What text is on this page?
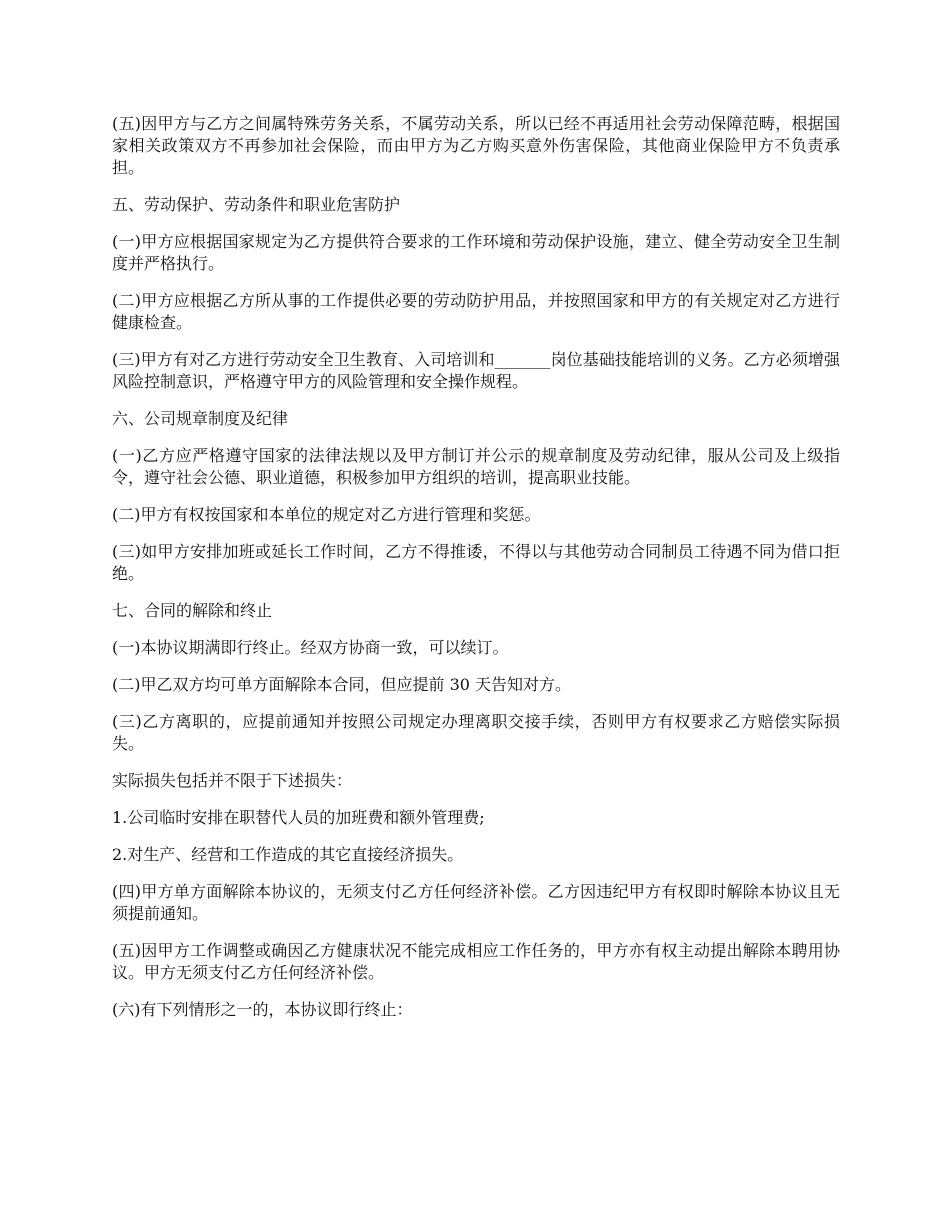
(五)因甲方与乙方之间属特殊劳务关系，不属劳动关系，所以已经不再适用社会劳动保障范畴，根据国家相关政策双方不再参加社会保险，而由甲方为乙方购买意外伤害保险，其他商业保险甲方不负责承担。

五、劳动保护、劳动条件和职业危害防护

(一)甲方应根据国家规定为乙方提供符合要求的工作环境和劳动保护设施，建立、健全劳动安全卫生制度并严格执行。

(二)甲方应根据乙方所从事的工作提供必要的劳动防护用品，并按照国家和甲方的有关规定对乙方进行健康检查。

(三)甲方有对乙方进行劳动安全卫生教育、入司培训和_______岗位基础技能培训的义务。乙方必须增强风险控制意识，严格遵守甲方的风险管理和安全操作规程。

六、公司规章制度及纪律

(一)乙方应严格遵守国家的法律法规以及甲方制订并公示的规章制度及劳动纪律，服从公司及上级指令，遵守社会公德、职业道德，积极参加甲方组织的培训，提高职业技能。

(二)甲方有权按国家和本单位的规定对乙方进行管理和奖惩。

(三)如甲方安排加班或延长工作时间，乙方不得推诿，不得以与其他劳动合同制员工待遇不同为借口拒绝。

七、合同的解除和终止

(一)本协议期满即行终止。经双方协商一致，可以续订。

(二)甲乙双方均可单方面解除本合同，但应提前 30 天告知对方。

(三)乙方离职的，应提前通知并按照公司规定办理离职交接手续，否则甲方有权要求乙方赔偿实际损失。

实际损失包括并不限于下述损失：

1.公司临时安排在职替代人员的加班费和额外管理费;

2.对生产、经营和工作造成的其它直接经济损失。

(四)甲方单方面解除本协议的，无须支付乙方任何经济补偿。乙方因违纪甲方有权即时解除本协议且无须提前通知。

(五)因甲方工作调整或确因乙方健康状况不能完成相应工作任务的，甲方亦有权主动提出解除本聘用协议。甲方无须支付乙方任何经济补偿。

(六)有下列情形之一的，本协议即行终止：
